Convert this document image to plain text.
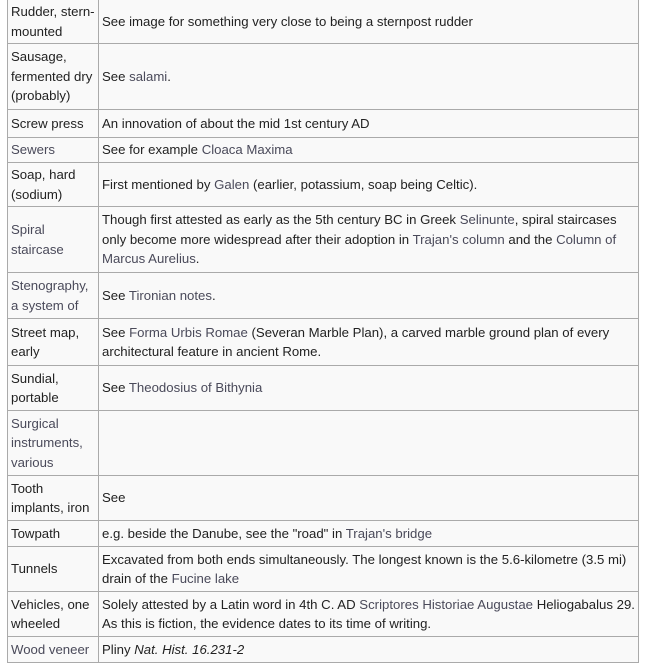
Rudder, stern-mounted	See image for something very close to being a sternpost rudder
Sausage, fermented dry (probably)	See salami.
Screw press	An innovation of about the mid 1st century AD
Sewers	See for example Cloaca Maxima
Soap, hard (sodium)	First mentioned by Galen (earlier, potassium, soap being Celtic).
Spiral staircase	Though first attested as early as the 5th century BC in Greek Selinunte, spiral staircases only become more widespread after their adoption in Trajan's column and the Column of Marcus Aurelius.
Stenography, a system of	See Tironian notes.
Street map, early	See Forma Urbis Romae (Severan Marble Plan), a carved marble ground plan of every architectural feature in ancient Rome.
Sundial, portable	See Theodosius of Bithynia
Surgical instruments, various	
Tooth implants, iron	See
Towpath	e.g. beside the Danube, see the "road" in Trajan's bridge
Tunnels	Excavated from both ends simultaneously. The longest known is the 5.6-kilometre (3.5 mi) drain of the Fucine lake
Vehicles, one wheeled	Solely attested by a Latin word in 4th C. AD Scriptores Historiae Augustae Heliogabalus 29. As this is fiction, the evidence dates to its time of writing.
Wood veneer	Pliny Nat. Hist. 16.231-2
